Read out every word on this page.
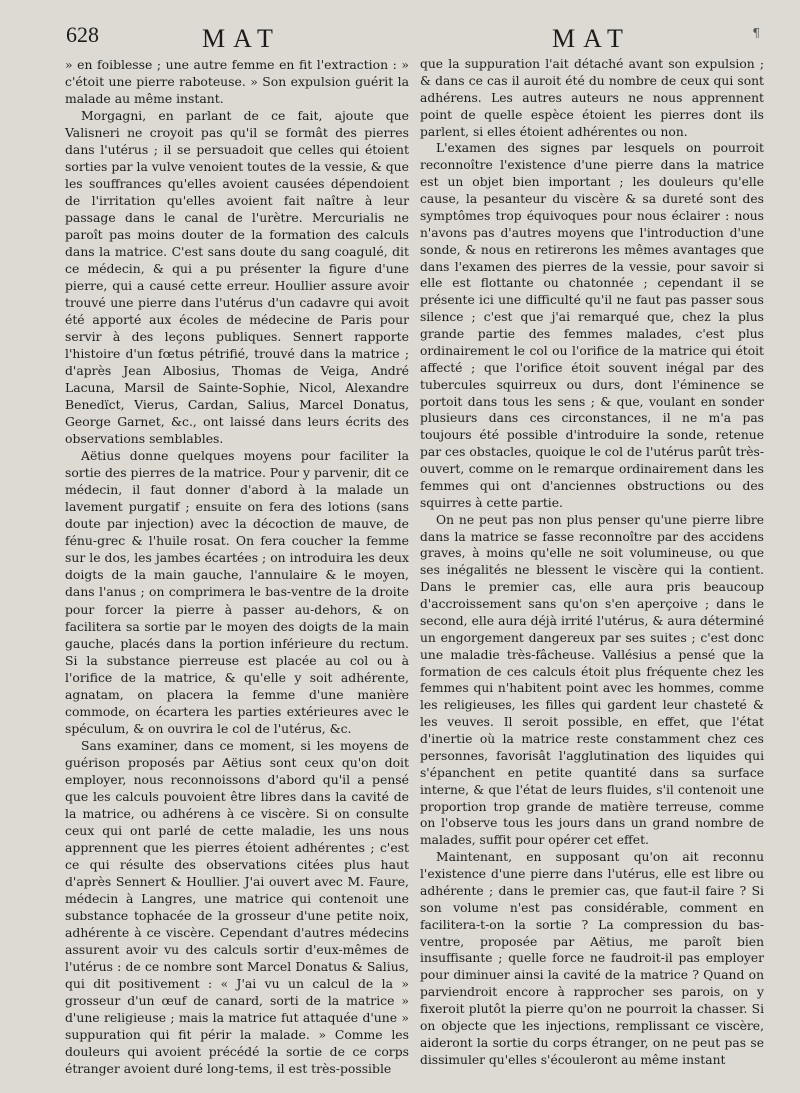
628	MAT	MAT	¶

» en foiblesse ; une autre femme en fit l'extraction : » c'étoit une pierre raboteuse. » Son expulsion guérit la malade au même instant.

Morgagni, en parlant de ce fait, ajoute que Valisneri ne croyoit pas qu'il se formât des pierres dans l'utérus ; il se persuadoit que celles qui étoient sorties par la vulve venoient toutes de la vessie, & que les souffrances qu'elles avoient causées dépendoient de l'irritation qu'elles avoient fait naître à leur passage dans le canal de l'urètre. Mercurialis ne paroît pas moins douter de la formation des calculs dans la matrice. C'est sans doute du sang coagulé, dit ce médecin, & qui a pu présenter la figure d'une pierre, qui a causé cette erreur. Houllier assure avoir trouvé une pierre dans l'utérus d'un cadavre qui avoit été apporté aux écoles de médecine de Paris pour servir à des leçons publiques. Sennert rapporte l'histoire d'un fœtus pétrifié, trouvé dans la matrice ; d'après Jean Albosius, Thomas de Veiga, André Lacuna, Marsil de Sainte-Sophie, Nicol, Alexandre Benedïct, Vierus, Cardan, Salius, Marcel Donatus, George Garnet, &c., ont laissé dans leurs écrits des observations semblables.

Aëtius donne quelques moyens pour faciliter la sortie des pierres de la matrice. Pour y parvenir, dit ce médecin, il faut donner d'abord à la malade un lavement purgatif ; ensuite on fera des lotions (sans doute par injection) avec la décoction de mauve, de fénu-grec & l'huile rosat. On fera coucher la femme sur le dos, les jambes écartées ; on introduira les deux doigts de la main gauche, l'annulaire & le moyen, dans l'anus ; on comprimera le bas-ventre de la droite pour forcer la pierre à passer au-dehors, & on facilitera sa sortie par le moyen des doigts de la main gauche, placés dans la portion inférieure du rectum. Si la substance pierreuse est placée au col ou à l'orifice de la matrice, & qu'elle y soit adhérente, agnatam, on placera la femme d'une manière commode, on écartera les parties extérieures avec le spéculum, & on ouvrira le col de l'utérus, &c.

Sans examiner, dans ce moment, si les moyens de guérison proposés par Aëtius sont ceux qu'on doit employer, nous reconnoissons d'abord qu'il a pensé que les calculs pouvoient être libres dans la cavité de la matrice, ou adhérens à ce viscère. Si on consulte ceux qui ont parlé de cette maladie, les uns nous apprennent que les pierres étoient adhérentes ; c'est ce qui résulte des observations citées plus haut d'après Sennert & Houllier. J'ai ouvert avec M. Faure, médecin à Langres, une matrice qui contenoit une substance tophacée de la grosseur d'une petite noix, adhérente à ce viscère. Cependant d'autres médecins assurent avoir vu des calculs sortir d'eux-mêmes de l'utérus : de ce nombre sont Marcel Donatus & Salius, qui dit positivement : « J'ai vu un calcul de la » grosseur d'un œuf de canard, sorti de la matrice » d'une religieuse ; mais la matrice fut attaquée d'une » suppuration qui fit périr la malade. » Comme les douleurs qui avoient précédé la sortie de ce corps étranger avoient duré long-tems, il est très-possible

que la suppuration l'ait détaché avant son expulsion ; & dans ce cas il auroit été du nombre de ceux qui sont adhérens. Les autres auteurs ne nous apprennent point de quelle espèce étoient les pierres dont ils parlent, si elles étoient adhérentes ou non.

L'examen des signes par lesquels on pourroit reconnoître l'existence d'une pierre dans la matrice est un objet bien important ; les douleurs qu'elle cause, la pesanteur du viscère & sa dureté sont des symptômes trop équivoques pour nous éclairer : nous n'avons pas d'autres moyens que l'introduction d'une sonde, & nous en retirerons les mêmes avantages que dans l'examen des pierres de la vessie, pour savoir si elle est flottante ou chatonnée ; cependant il se présente ici une difficulté qu'il ne faut pas passer sous silence ; c'est que j'ai remarqué que, chez la plus grande partie des femmes malades, c'est plus ordinairement le col ou l'orifice de la matrice qui étoit affecté ; que l'orifice étoit souvent inégal par des tubercules squirreux ou durs, dont l'éminence se portoit dans tous les sens ; & que, voulant en sonder plusieurs dans ces circonstances, il ne m'a pas toujours été possible d'introduire la sonde, retenue par ces obstacles, quoique le col de l'utérus parût très-ouvert, comme on le remarque ordinairement dans les femmes qui ont d'anciennes obstructions ou des squirres à cette partie.

On ne peut pas non plus penser qu'une pierre libre dans la matrice se fasse reconnoître par des accidens graves, à moins qu'elle ne soit volumineuse, ou que ses inégalités ne blessent le viscère qui la contient. Dans le premier cas, elle aura pris beaucoup d'accroissement sans qu'on s'en aperçoive ; dans le second, elle aura déjà irrité l'utérus, & aura déterminé un engorgement dangereux par ses suites ; c'est donc une maladie très-fâcheuse. Vallésius a pensé que la formation de ces calculs étoit plus fréquente chez les femmes qui n'habitent point avec les hommes, comme les religieuses, les filles qui gardent leur chasteté & les veuves. Il seroit possible, en effet, que l'état d'inertie où la matrice reste constamment chez ces personnes, favorisât l'agglutination des liquides qui s'épanchent en petite quantité dans sa surface interne, & que l'état de leurs fluides, s'il contenoit une proportion trop grande de matière terreuse, comme on l'observe tous les jours dans un grand nombre de malades, suffit pour opérer cet effet.

Maintenant, en supposant qu'on ait reconnu l'existence d'une pierre dans l'utérus, elle est libre ou adhérente ; dans le premier cas, que faut-il faire ? Si son volume n'est pas considérable, comment en facilitera-t-on la sortie ? La compression du bas-ventre, proposée par Aëtius, me paroît bien insuffisante ; quelle force ne faudroit-il pas employer pour diminuer ainsi la cavité de la matrice ? Quand on parviendroit encore à rapprocher ses parois, on y fixeroit plutôt la pierre qu'on ne pourroit la chasser. Si on objecte que les injections, remplissant ce viscère, aideront la sortie du corps étranger, on ne peut pas se dissimuler qu'elles s'écouleront au même instant
